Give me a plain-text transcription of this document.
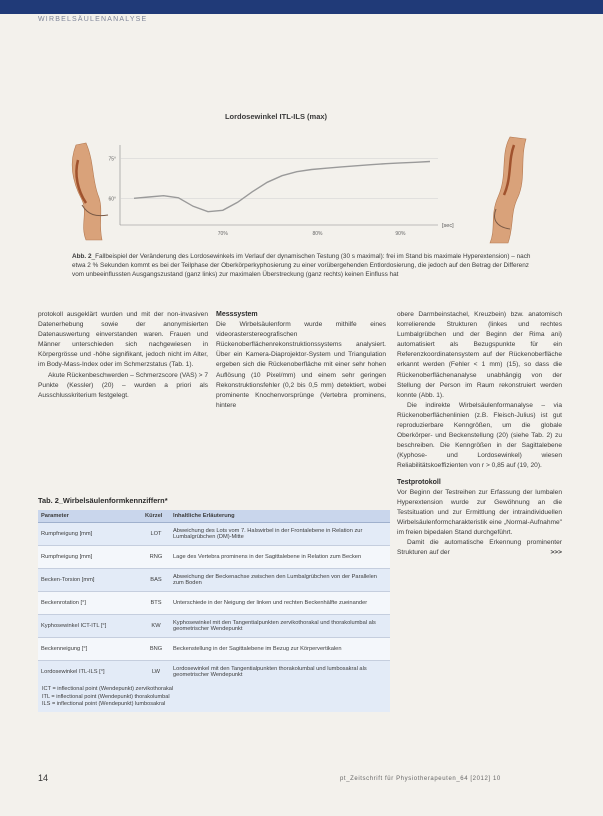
WIRBELSÄULENANALYSE
Lordosewinkel ITL-ILS (max)
75°
60°
70%	80%	90%
[sec]
Abb. 2_Fallbeispiel der Veränderung des Lordosewinkels im Verlauf der dynamischen Testung (30 s maximal): frei im Stand bis maximale Hyperextension) – nach etwa 2 % Sekunden kommt es bei der Teilphase der Oberkörperkyphosierung zu einer vorübergehenden Entlordosierung, die jedoch auf den Betrag der Differenz vom unbeeinflussten Ausgangszustand (ganz links) zur maximalen Überstreckung (ganz rechts) keinen Einfluss hat

protokoll ausgeklärt wurden und mit der non-invasiven Datenerhebung sowie der anonymisierten Datenauswertung einverstanden waren. Frauen und Männer unterschieden sich nachgewiesen in Körpergrösse und -höhe signifikant, jedoch nicht im Alter, im Body-Mass-Index oder im Schmerzstatus (Tab. 1).

Akute Rückenbeschwerden – Schmerzscore (VAS) > 7 Punkte (Kessler) (20) – wurden a priori als Ausschlusskriterium festgelegt.

Messsystem

Die Wirbelsäulenform wurde mithilfe eines videorasterstereografischen Rückenoberflächenrekonstruktionssystems analysiert. Über ein Kamera-Diaprojektor-System und Triangulation ergeben sich die Rückenoberfläche mit einer sehr hohen Auflösung (10 Pixel/mm) und einem sehr geringen Rekonstruktionsfehler (0,2 bis 0,5 mm) detektiert, wobei prominente Knochenvorsprünge (Vertebra prominens, hintere

obere Darmbeinstachel, Kreuzbein) bzw. anatomisch korrelierende Strukturen (linkes und rechtes Lumbalgrübchen und der Beginn der Rima ani) automatisiert als Bezugspunkte für ein Referenzkoordinatensystem auf der Rückenoberfläche erkannt werden (Fehler < 1 mm) (15), so dass die Rückenoberflächenanalyse unabhängig von der Stellung der Person im Raum rekonstruiert werden konnte (Abb. 1).

Die indirekte Wirbelsäulenformanalyse – via Rückenoberflächenlinien (z.B. Fleisch-Julius) ist gut reproduzierbare Kenngrößen, um die globale Oberkörper- und Beckenstellung (20) (siehe Tab. 2) zu beschreiben. Die Kenngrößen in der Sagittalebene (Kyphose- und Lordosewinkel) wiesen Reliabilitätskoeffizienten von r > 0,85 auf (19, 20).

Testprotokoll

Vor Beginn der Testreihen zur Erfassung der lumbalen Hyperextension wurde zur Gewöhnung an die Testsituation und zur Ermittlung der intraindividuellen Wirbelsäulenformcharakteristik eine „Normal-Aufnahme" im freien bipedalen Stand durchgeführt.

Damit die automatische Erkennung prominenter Strukturen auf der	>>>

Tab. 2_Wirbelsäulenformkennziffern*
Parameter	Kürzel	Inhaltliche Erläuterung
Rumpfneigung [mm]	LOT	Abweichung des Lots vom 7. Halswirbel in der Frontalebene in Relation zur Lumbalgrübchen (DM)-Mitte
Rumpfneigung [mm]	RNG	Lage des Vertebra prominens in der Sagittalebene in Relation zum Becken
Becken-Torsion [mm]	BAS	Abweichung der Beckenachse zwischen den Lumbalgrübchen von der Parallelen zum Boden
Beckenrotation [°]	BTS	Unterschiede in der Neigung der linken und rechten Beckenhälfte zueinander
Kyphosewinkel ICT-ITL [°]	KW	Kyphosewinkel mit den Tangentialpunkten zervikothorakal und thorakolumbal als geometrischer Wendepunkt
Beckenneigung [°]	BNG	Beckenstellung in der Sagittalebene im Bezug zur Körpervertikalen
Lordosewinkel ITL-ILS [°]	LW	Lordosewinkel mit den Tangentialpunkten thorakolumbal und lumbosakral als geometrischer Wendepunkt
ICT = inflectional point (Wendepunkt) zervikothorakal
ITL = inflectional point (Wendepunkt) thorakolumbal
ILS = inflectional point (Wendepunkt) lumbosakral
14	pt_Zeitschrift für Physiotherapeuten_64 [2012] 10
